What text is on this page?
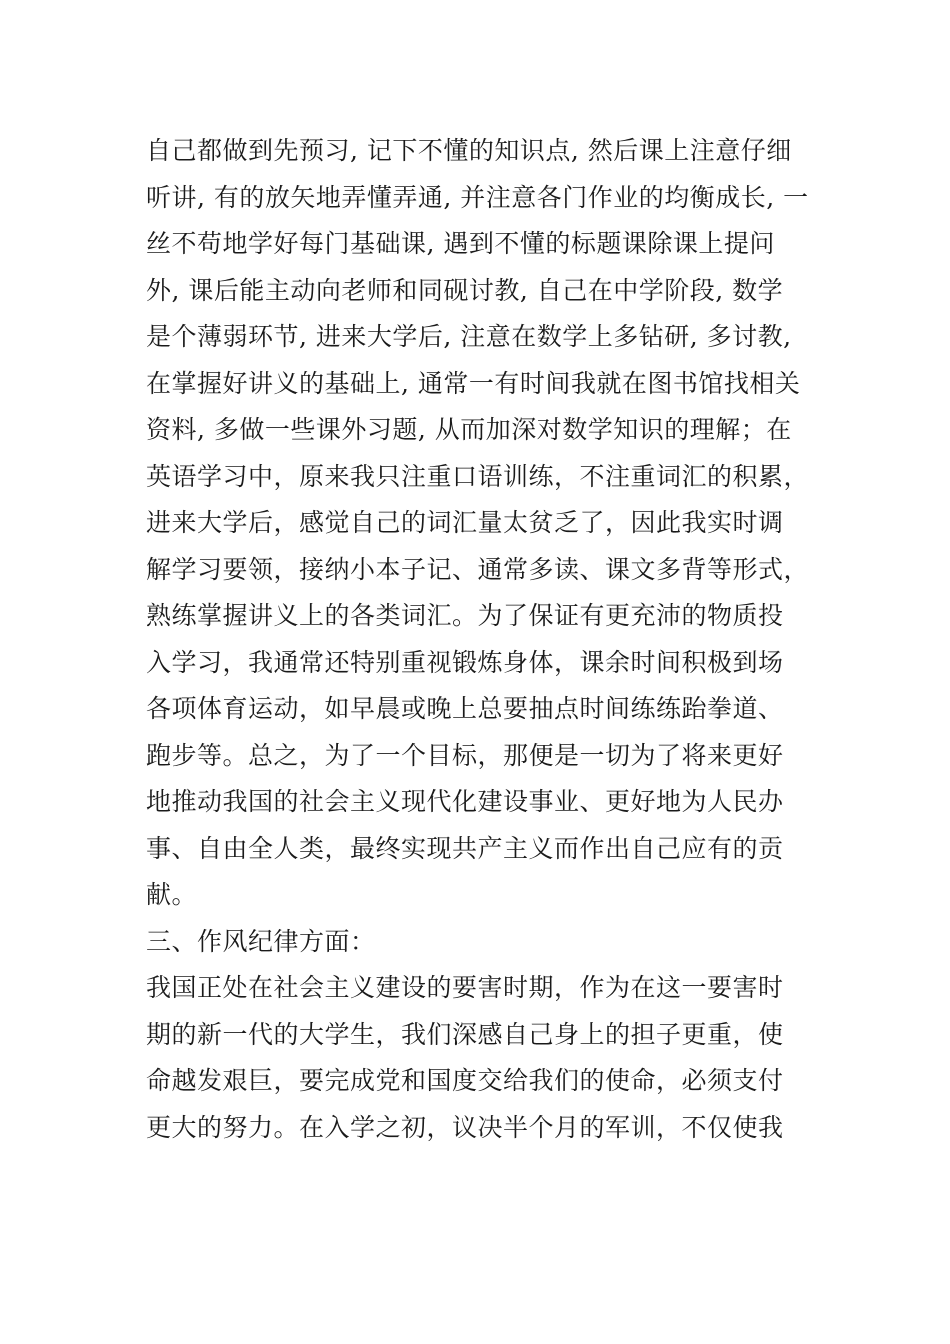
自己都做到先预习, 记下不懂的知识点, 然后课上注意仔细
听讲, 有的放矢地弄懂弄通, 并注意各门作业的均衡成长, 一
丝不苟地学好每门基础课, 遇到不懂的标题课除课上提问
外, 课后能主动向老师和同砚讨教, 自己在中学阶段, 数学
是个薄弱环节, 进来大学后, 注意在数学上多钻研, 多讨教,
在掌握好讲义的基础上, 通常一有时间我就在图书馆找相关
资料, 多做一些课外习题, 从而加深对数学知识的理解；在
英语学习中，原来我只注重口语训练，不注重词汇的积累，
进来大学后，感觉自己的词汇量太贫乏了，因此我实时调
解学习要领，接纳小本子记、通常多读、课文多背等形式，
熟练掌握讲义上的各类词汇。为了保证有更充沛的物质投
入学习，我通常还特别重视锻炼身体，课余时间积极到场
各项体育运动，如早晨或晚上总要抽点时间练练跆拳道、
跑步等。总之，为了一个目标，那便是一切为了将来更好
地推动我国的社会主义现代化建设事业、更好地为人民办
事、自由全人类，最终实现共产主义而作出自己应有的贡
献。
三、作风纪律方面：
我国正处在社会主义建设的要害时期，作为在这一要害时
期的新一代的大学生，我们深感自己身上的担子更重，使
命越发艰巨，要完成党和国度交给我们的使命，必须支付
更大的努力。在入学之初，议决半个月的军训，不仅使我
